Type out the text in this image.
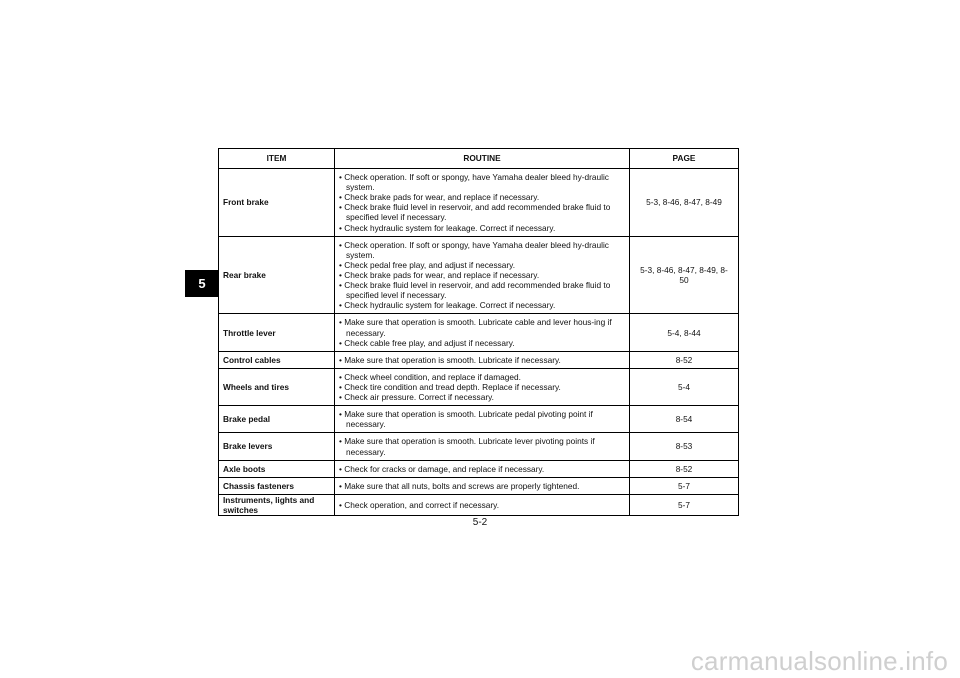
5
ITEM	ROUTINE	PAGE
Front brake	• Check operation. If soft or spongy, have Yamaha dealer bleed hy-draulic system.
• Check brake pads for wear, and replace if necessary.
• Check brake fluid level in reservoir, and add recommended brake fluid to specified level if necessary.
• Check hydraulic system for leakage. Correct if necessary.	5-3, 8-46, 8-47, 8-49
Rear brake	• Check operation. If soft or spongy, have Yamaha dealer bleed hy-draulic system.
• Check pedal free play, and adjust if necessary.
• Check brake pads for wear, and replace if necessary.
• Check brake fluid level in reservoir, and add recommended brake fluid to specified level if necessary.
• Check hydraulic system for leakage. Correct if necessary.	5-3, 8-46, 8-47, 8-49, 8-50
Throttle lever	• Make sure that operation is smooth. Lubricate cable and lever hous-ing if necessary.
• Check cable free play, and adjust if necessary.	5-4, 8-44
Control cables	• Make sure that operation is smooth. Lubricate if necessary.	8-52
Wheels and tires	• Check wheel condition, and replace if damaged.
• Check tire condition and tread depth. Replace if necessary.
• Check air pressure. Correct if necessary.	5-4
Brake pedal	• Make sure that operation is smooth. Lubricate pedal pivoting point if necessary.	8-54
Brake levers	• Make sure that operation is smooth. Lubricate lever pivoting points if necessary.	8-53
Axle boots	• Check for cracks or damage, and replace if necessary.	8-52
Chassis fasteners	• Make sure that all nuts, bolts and screws are properly tightened.	5-7
Instruments, lights and switches	• Check operation, and correct if necessary.	5-7
5-2
carmanualsonline.info
